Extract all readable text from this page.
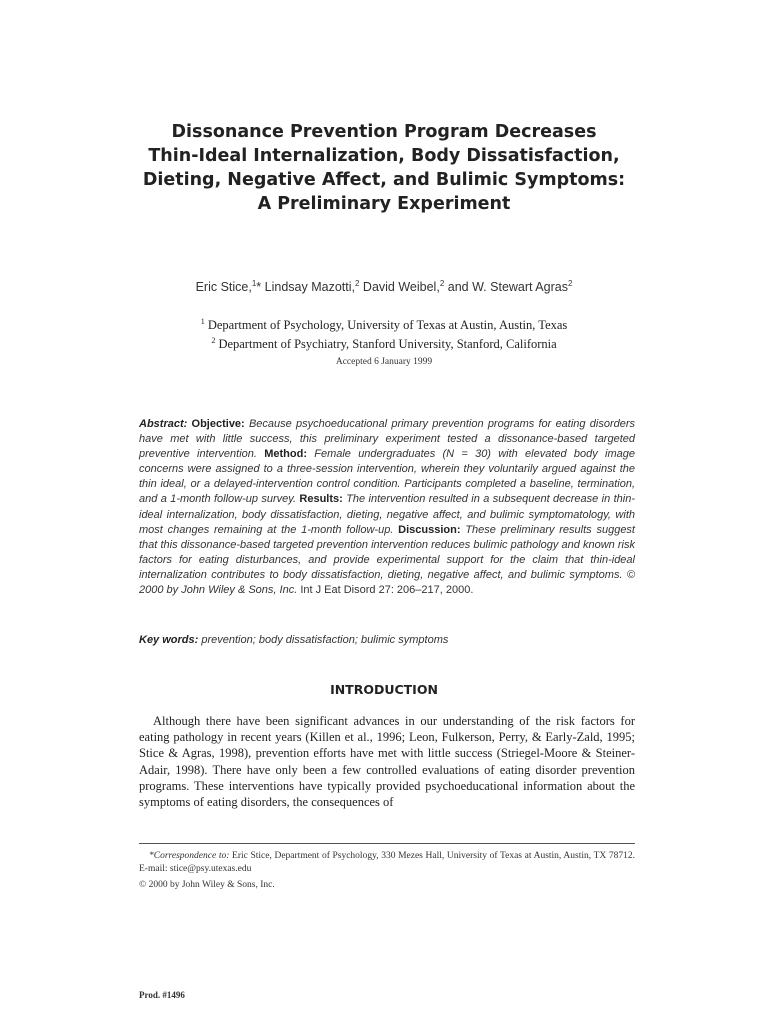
Dissonance Prevention Program Decreases
Thin-Ideal Internalization, Body Dissatisfaction,
Dieting, Negative Affect, and Bulimic Symptoms:
A Preliminary Experiment
Eric Stice,$^1$* Lindsay Mazotti,$^2$ David Weibel,$^2$ and W. Stewart Agras$^2$
$^1$ Department of Psychology, University of Texas at Austin, Austin, Texas
$^2$ Department of Psychiatry, Stanford University, Stanford, California
Accepted 6 January 1999
Abstract: Objective: Because psychoeducational primary prevention programs for eating disorders have met with little success, this preliminary experiment tested a dissonance-based targeted preventive intervention. Method: Female undergraduates (N = 30) with elevated body image concerns were assigned to a three-session intervention, wherein they voluntarily argued against the thin ideal, or a delayed-intervention control condition. Participants completed a baseline, termination, and a 1-month follow-up survey. Results: The intervention resulted in a subsequent decrease in thin-ideal internalization, body dissatisfaction, dieting, negative affect, and bulimic symptomatology, with most changes remaining at the 1-month follow-up. Discussion: These preliminary results suggest that this dissonance-based targeted prevention intervention reduces bulimic pathology and known risk factors for eating disturbances, and provide experimental support for the claim that thin-ideal internalization contributes to body dissatisfaction, dieting, negative affect, and bulimic symptoms. © 2000 by John Wiley & Sons, Inc. Int J Eat Disord 27: 206–217, 2000.
Key words: prevention; body dissatisfaction; bulimic symptoms
INTRODUCTION

Although there have been significant advances in our understanding of the risk factors for eating pathology in recent years (Killen et al., 1996; Leon, Fulkerson, Perry, & Early-Zald, 1995; Stice & Agras, 1998), prevention efforts have met with little success (Striegel-Moore & Steiner-Adair, 1998). There have only been a few controlled evaluations of eating disorder prevention programs. These interventions have typically provided psychoeducational information about the symptoms of eating disorders, the consequences of

*Correspondence to: Eric Stice, Department of Psychology, 330 Mezes Hall, University of Texas at Austin, Austin, TX 78712. E-mail: stice@psy.utexas.edu
© 2000 by John Wiley & Sons, Inc.
Prod. #1496
